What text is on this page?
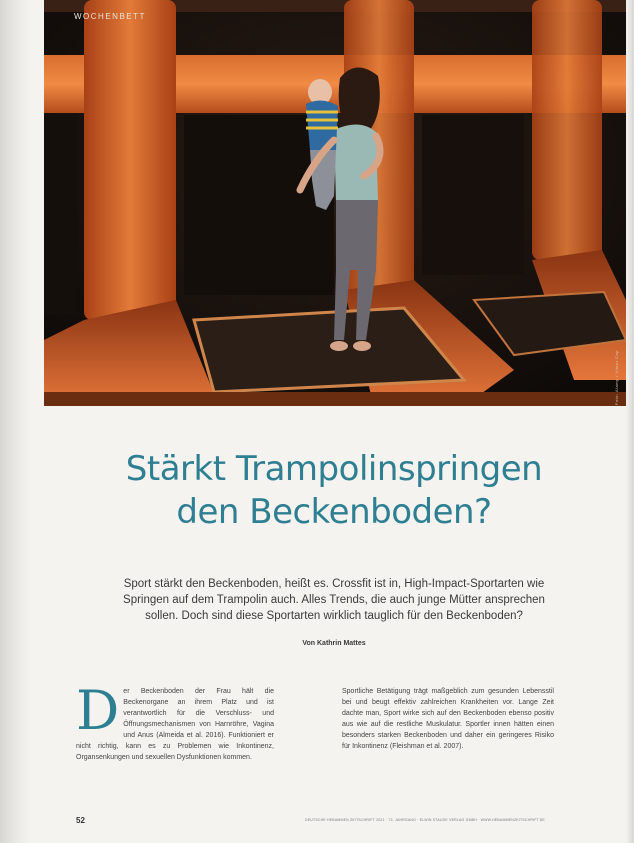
WOCHENBETT
Foto: Alamy / Viktor Cap
Stärkt Trampolinspringen
den Beckenboden?

Sport stärkt den Beckenboden, heißt es. Crossfit ist in, High-Impact-Sportarten wie Springen auf dem Trampolin auch. Alles Trends, die auch junge Mütter ansprechen sollen. Doch sind diese Sportarten wirklich tauglich für den Beckenboden?

Von Kathrin Mattes
Der Beckenboden der Frau hält die Beckenorgane an ihrem Platz und ist verantwortlich für die Verschluss- und Öffnungsmechanismen von Harnröhre, Vagina und Anus (Almeida et al. 2016). Funktioniert er nicht richtig, kann es zu Problemen wie Inkontinenz, Organsenkungen und sexuellen Dysfunktionen kommen.
Sportliche Betätigung trägt maßgeblich zum gesunden Lebensstil bei und beugt effektiv zahlreichen Krankheiten vor. Lange Zeit dachte man, Sport wirke sich auf den Beckenboden ebenso positiv aus wie auf die restliche Muskulatur. Sportler innen hätten einen besonders starken Beckenboden und daher ein geringeres Risiko für Inkontinenz (Fleishman et al. 2007).
52	DEUTSCHE HEBAMMEN ZEITSCHRIFT 2021 · 73. JAHRGANG · ELWIN STAUDE VERLAG GMBH · WWW.HEBAMMENZEITSCHRIFT.DE
